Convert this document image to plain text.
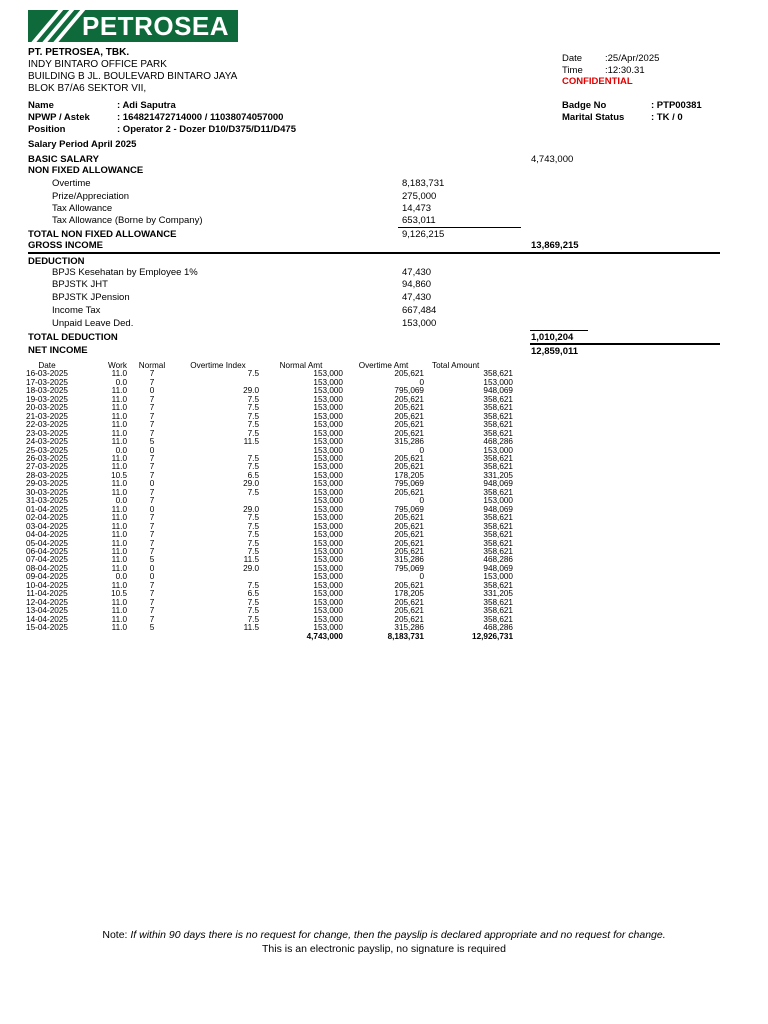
PETROSEA
PT. PETROSEA, TBK.
INDY BINTARO OFFICE PARK
BUILDING B JL. BOULEVARD BINTARO JAYA
BLOK B7/A6 SEKTOR VII,
Date :25/Apr/2025
Time :12:30.31
CONFIDENTIAL
Name	: Adi Saputra
NPWP / Astek	: 164821472714000 / 11038074057000
Position	: Operator 2 - Dozer D10/D375/D11/D475
Badge No	: PTP00381
Marital Status	: TK / 0
Salary Period April 2025
BASIC SALARY	4,743,000
NON FIXED ALLOWANCE
Overtime	8,183,731
Prize/Appreciation	275,000
Tax Allowance	14,473
Tax Allowance (Borne by Company)	653,011
TOTAL NON FIXED ALLOWANCE	9,126,215
GROSS INCOME	13,869,215
DEDUCTION
BPJS Kesehatan by Employee 1%	47,430
BPJSTK JHT	94,860
BPJSTK JPension	47,430
Income Tax	667,484
Unpaid Leave Ded.	153,000
TOTAL DEDUCTION	1,010,204
NET INCOME	12,859,011
Date	Work	Normal	Overtime Index	Normal Amt	Overtime Amt	Total Amount
16-03-2025	11.0	7	7.5	153,000	205,621	358,621
17-03-2025	0.0	7		153,000	0	153,000
18-03-2025	11.0	0	29.0	153,000	795,069	948,069
19-03-2025	11.0	7	7.5	153,000	205,621	358,621
20-03-2025	11.0	7	7.5	153,000	205,621	358,621
21-03-2025	11.0	7	7.5	153,000	205,621	358,621
22-03-2025	11.0	7	7.5	153,000	205,621	358,621
23-03-2025	11.0	7	7.5	153,000	205,621	358,621
24-03-2025	11.0	5	11.5	153,000	315,286	468,286
25-03-2025	0.0	0		153,000	0	153,000
26-03-2025	11.0	7	7.5	153,000	205,621	358,621
27-03-2025	11.0	7	7.5	153,000	205,621	358,621
28-03-2025	10.5	7	6.5	153,000	178,205	331,205
29-03-2025	11.0	0	29.0	153,000	795,069	948,069
30-03-2025	11.0	7	7.5	153,000	205,621	358,621
31-03-2025	0.0	7		153,000	0	153,000
01-04-2025	11.0	0	29.0	153,000	795,069	948,069
02-04-2025	11.0	7	7.5	153,000	205,621	358,621
03-04-2025	11.0	7	7.5	153,000	205,621	358,621
04-04-2025	11.0	7	7.5	153,000	205,621	358,621
05-04-2025	11.0	7	7.5	153,000	205,621	358,621
06-04-2025	11.0	7	7.5	153,000	205,621	358,621
07-04-2025	11.0	5	11.5	153,000	315,286	468,286
08-04-2025	11.0	0	29.0	153,000	795,069	948,069
09-04-2025	0.0	0		153,000	0	153,000
10-04-2025	11.0	7	7.5	153,000	205,621	358,621
11-04-2025	10.5	7	6.5	153,000	178,205	331,205
12-04-2025	11.0	7	7.5	153,000	205,621	358,621
13-04-2025	11.0	7	7.5	153,000	205,621	358,621
14-04-2025	11.0	7	7.5	153,000	205,621	358,621
15-04-2025	11.0	5	11.5	153,000	315,286	468,286
				4,743,000	8,183,731	12,926,731
Note: If within 90 days there is no request for change, then the payslip is declared appropriate and no request for change.
This is an electronic payslip, no signature is required
